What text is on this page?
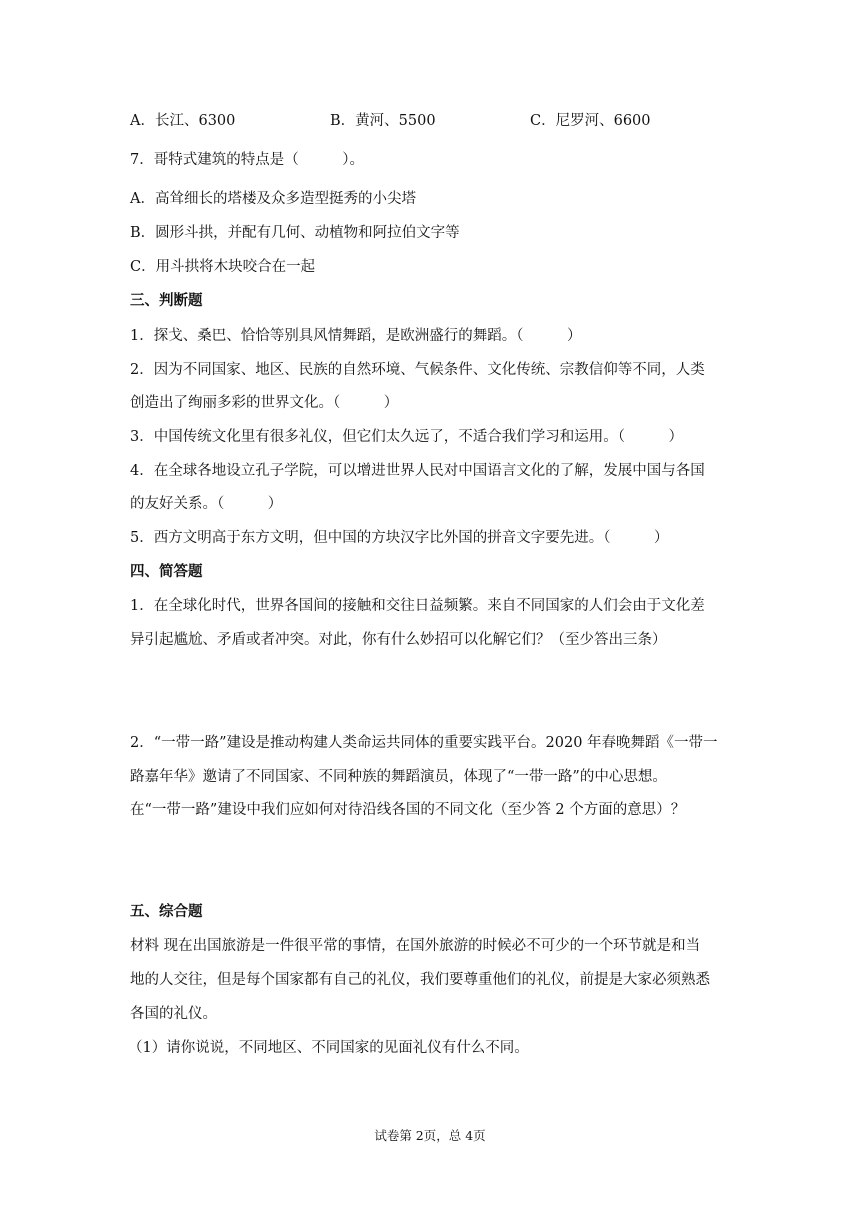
A．长江、6300	B．黄河、5500	C．尼罗河、6600
7．哥特式建筑的特点是（　　　）。
A．高耸细长的塔楼及众多造型挺秀的小尖塔
B．圆形斗拱，并配有几何、动植物和阿拉伯文字等
C．用斗拱将木块咬合在一起
三、判断题
1．探戈、桑巴、恰恰等别具风情舞蹈，是欧洲盛行的舞蹈。（　　　）
2．因为不同国家、地区、民族的自然环境、气候条件、文化传统、宗教信仰等不同，人类
创造出了绚丽多彩的世界文化。（　　　）
3．中国传统文化里有很多礼仪，但它们太久远了，不适合我们学习和运用。（　　　）
4．在全球各地设立孔子学院，可以增进世界人民对中国语言文化的了解，发展中国与各国
的友好关系。（　　　）
5．西方文明高于东方文明，但中国的方块汉字比外国的拼音文字要先进。（　　　）
四、简答题
1．在全球化时代，世界各国间的接触和交往日益频繁。来自不同国家的人们会由于文化差
异引起尴尬、矛盾或者冲突。对此，你有什么妙招可以化解它们？（至少答出三条）
2．“一带一路”建设是推动构建人类命运共同体的重要实践平台。2020 年春晚舞蹈《一带一
路嘉年华》邀请了不同国家、不同种族的舞蹈演员，体现了“一带一路”的中心思想。
在“一带一路”建设中我们应如何对待沿线各国的不同文化（至少答 2 个方面的意思）？
五、综合题
材料 现在出国旅游是一件很平常的事情，在国外旅游的时候必不可少的一个环节就是和当
地的人交往，但是每个国家都有自己的礼仪，我们要尊重他们的礼仪，前提是大家必须熟悉
各国的礼仪。
（1）请你说说，不同地区、不同国家的见面礼仪有什么不同。
试卷第 2页，总 4页
